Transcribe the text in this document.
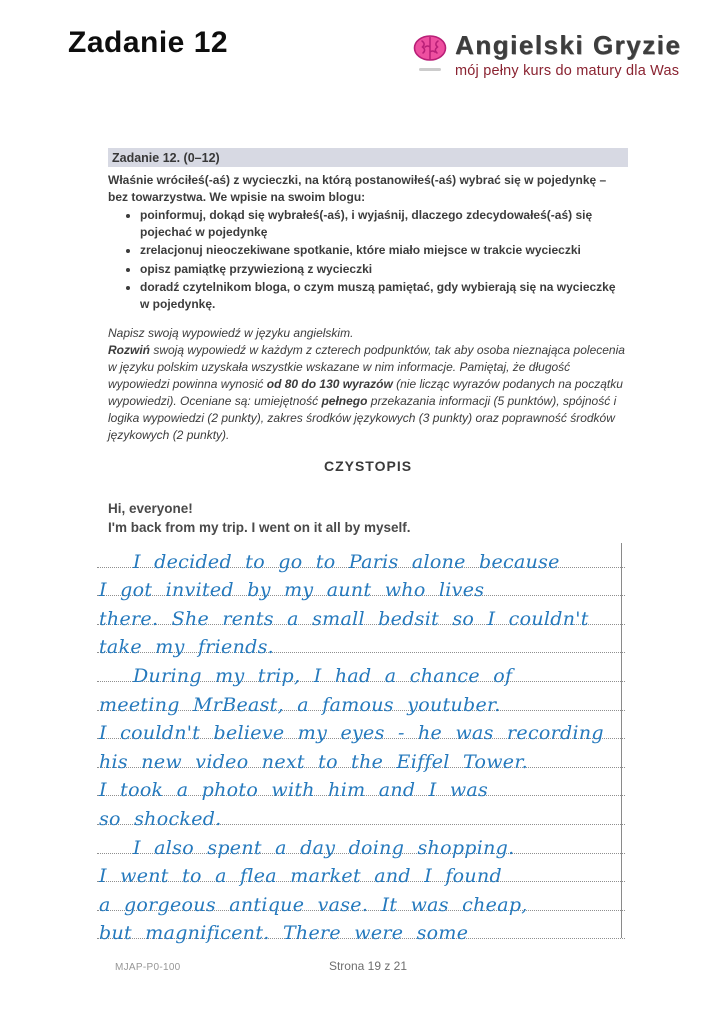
Zadanie 12	Angielski Gryzie
mój pełny kurs do matury dla Was
Zadanie 12. (0–12)
Właśnie wróciłeś(-aś) z wycieczki, na którą postanowiłeś(-aś) wybrać się w pojedynkę – bez towarzystwa. We wpisie na swoim blogu:
• poinformuj, dokąd się wybrałeś(-aś), i wyjaśnij, dlaczego zdecydowałeś(-aś) się pojechać w pojedynkę
• zrelacjonuj nieoczekiwane spotkanie, które miało miejsce w trakcie wycieczki
• opisz pamiątkę przywiezioną z wycieczki
• doradź czytelnikom bloga, o czym muszą pamiętać, gdy wybierają się na wycieczkę w pojedynkę.

Napisz swoją wypowiedź w języku angielskim.
Rozwiń swoją wypowiedź w każdym z czterech podpunktów, tak aby osoba nieznająca polecenia w języku polskim uzyskała wszystkie wskazane w nim informacje. Pamiętaj, że długość wypowiedzi powinna wynosić od 80 do 130 wyrazów (nie licząc wyrazów podanych na początku wypowiedzi). Oceniane są: umiejętność pełnego przekazania informacji (5 punktów), spójność i logika wypowiedzi (2 punkty), zakres środków językowych (3 punkty) oraz poprawność środków językowych (2 punkty).

CZYSTOPIS
Hi, everyone!
I'm back from my trip. I went on it all by myself.
I decided to go to Paris alone because
I got invited by my aunt who lives
there. She rents a small bedsit so I couldn't
take my friends.
During my trip, I had a chance of
meeting MrBeast, a famous youtuber.
I couldn't believe my eyes - he was recording
his new video next to the Eiffel Tower.
I took a photo with him and I was
so shocked.
I also spent a day doing shopping.
I went to a flea market and I found
a gorgeous antique vase. It was cheap,
but magnificent. There were some
MJAP-P0-100	Strona 19 z 21
